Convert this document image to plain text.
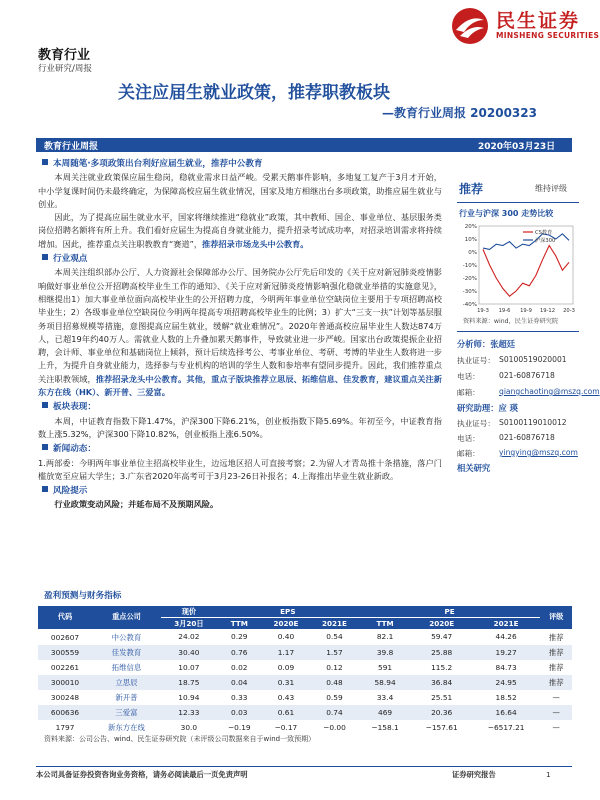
民生证券
MINSHENG SECURITIES
教育行业
行业研究/周报
关注应届生就业政策，推荐职教板块
—教育行业周报 20200323
教育行业周报	2020年03月23日
本周随笔·多项政策出台利好应届生就业，推荐中公教育

本周关注就业政策保应届生稳岗，稳就业需求日益严峻。受累天鹅事件影响，多地复工复产于3月才开始，中小学复课时间仍未最终确定，为保障高校应届生就业情况，国家及地方相继出台多项政策，助推应届生就业与创业。

因此，为了提高应届生就业水平，国家将继续推进“稳就业”政策，其中教师、国企、事业单位、基层服务类岗位招聘名额将有所上升。我们看好应届生为提高自身就业能力，提升招录考试成功率，对招录培训需求将持续增加。因此，推荐重点关注职教教育“赛道”，推荐招录市场龙头中公教育。

行业观点

本周关注组织部办公厅、人力资源社会保障部办公厅、国务院办公厅先后印发的《关于应对新冠肺炎疫情影响做好事业单位公开招聘高校毕业生工作的通知》、《关于应对新冠肺炎疫情影响强化稳就业举措的实施意见》，相继提出1）加大事业单位面向高校毕业生的公开招聘力度，今明两年事业单位空缺岗位主要用于专项招聘高校毕业生；2）各级事业单位空缺岗位今明两年提高专项招聘高校毕业生的比例；3）扩大“三支一扶”计划等基层服务项目招募规模等措施，意图提高应届生就业，缓解“就业难情况”。2020年普通高校应届毕业生人数达874万人，已超19年约40万人。需就业人数的上升叠加累天鹅事件，导致就业进一步严峻。国家出台政策提振企业招聘，会计师、事业单位和基础岗位上倾斜，预计后续选择考公、考事业单位、考研、考博的毕业生人数将进一步上升，为提升自身就业能力，选择参与专业机构的培训的学生人数和参培率有望同步提升。因此，我们推荐重点关注职教领域，推荐招录龙头中公教育。其他，重点子版块推荐立思辰、拓维信息、佳发教育，建议重点关注新东方在线（HK）、新开普、三爱富。

板块表现：

本周，中证教育指数下降1.47%，沪深300下降6.21%，创业板指数下降5.69%。年初至今，中证教育指数上涨5.32%，沪深300下降10.82%，创业板指上涨6.50%。

新闻动态：

1.两部委：今明两年事业单位主招高校毕业生，边远地区招人可直接考察；2.为留人才青岛推十条措施，落户门槛放宽至应届大学生；3.广东省2020年高考可于3月23-26日补报名；4.上海推出毕业生就业新政。

风险提示

行业政策变动风险；并延布局不及预期风险。

推荐	维持评级
行业与沪深 300 走势比较
20%
10%
0%
-10%
-20%
-30%
-40%
19-3 19-6 19-9 19-12 20-3
CS教育
沪深300
资料来源：wind，民生证券研究院
分析师：张超廷
执业证号： S0100519020001
电话：	021-60876718
邮箱：	qiangchaoting@mszq.com
研究助理：应 瑛
执业证号： S0100119010012
电话：	021-60876718
邮箱：	yingying@mszq.com
相关研究
盈利预测与财务指标
代码	重点公司	现价	EPS			PE			评级
		3月20日	TTM	2020E	2021E	TTM	2020E	2021E	
002607	中公教育	24.02	0.29	0.40	0.54	82.1	59.47	44.26	推荐
300559	佳发教育	30.40	0.76	1.17	1.57	39.8	25.88	19.27	推荐
002261	拓维信息	10.07	0.02	0.09	0.12	591	115.2	84.73	推荐
300010	立思辰	18.75	0.04	0.31	0.48	58.94	36.84	24.95	推荐
300248	新开普	10.94	0.33	0.43	0.59	33.4	25.51	18.52	—
600636	三爱富	12.33	0.03	0.61	0.74	469	20.36	16.64	—
1797	新东方在线	30.0	−0.19	−0.17	−0.00	−158.1	−157.61	−6517.21	—
资料来源：公司公告、wind、民生证券研究院（未评级公司数据来自于wind一致预期）
本公司具备证券投资咨询业务资格，请务必阅读最后一页免责声明	证券研究报告	1
